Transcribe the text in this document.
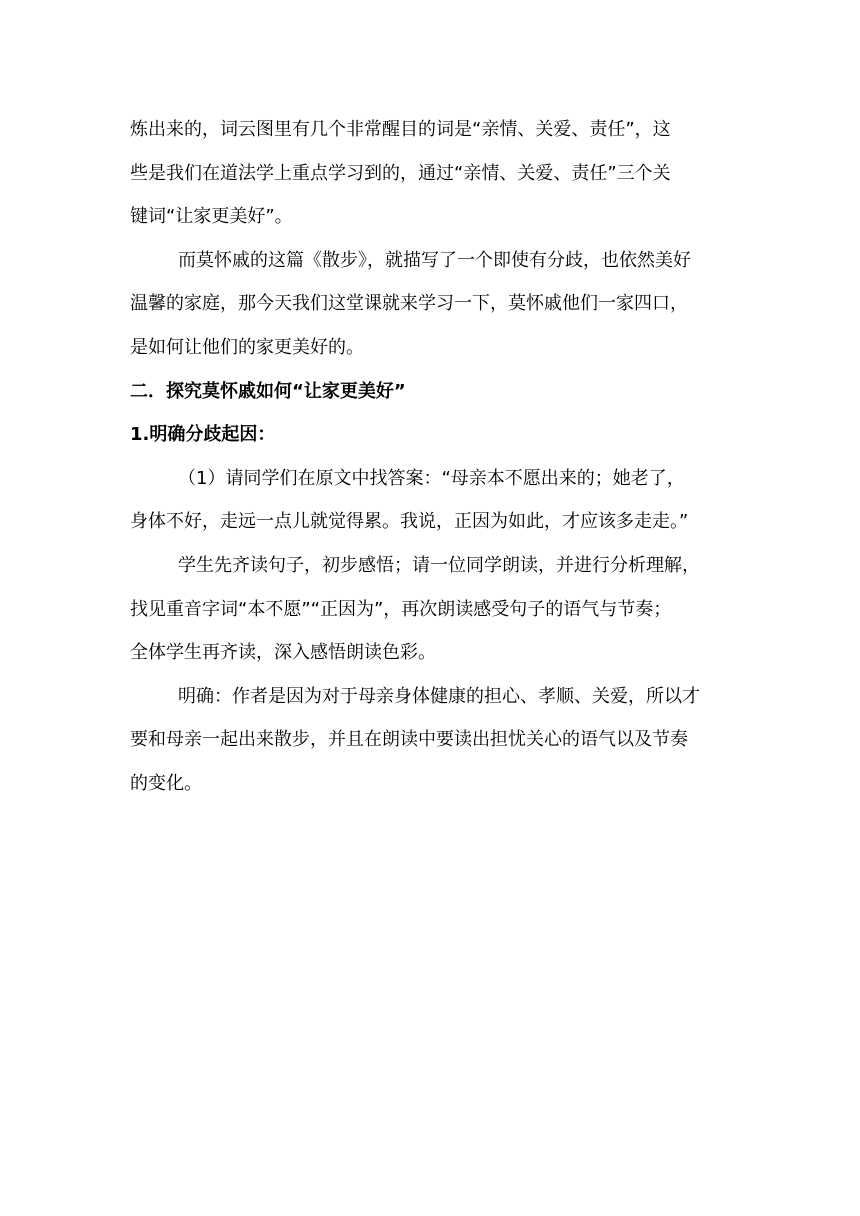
炼出来的，词云图里有几个非常醒目的词是“亲情、关爱、责任”，这
些是我们在道法学上重点学习到的，通过“亲情、关爱、责任”三个关
键词“让家更美好”。

而莫怀戚的这篇《散步》，就描写了一个即使有分歧，也依然美好
温馨的家庭，那今天我们这堂课就来学习一下，莫怀戚他们一家四口，
是如何让他们的家更美好的。

二．探究莫怀戚如何“让家更美好”

1.明确分歧起因：

（1）请同学们在原文中找答案：“母亲本不愿出来的；她老了，
身体不好，走远一点儿就觉得累。我说，正因为如此，才应该多走走。”

学生先齐读句子，初步感悟；请一位同学朗读，并进行分析理解，
找见重音字词“本不愿”“正因为”，再次朗读感受句子的语气与节奏；
全体学生再齐读，深入感悟朗读色彩。

明确：作者是因为对于母亲身体健康的担心、孝顺、关爱，所以才
要和母亲一起出来散步，并且在朗读中要读出担忧关心的语气以及节奏
的变化。
